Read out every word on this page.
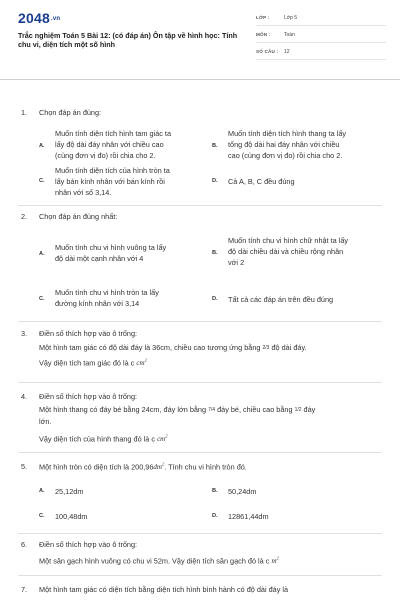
2048.vn
Trắc nghiệm Toán 5 Bài 12: (có đáp án) Ôn tập về hình học: Tính chu vi, diện tích một số hình
LỚP :	Lớp 5
MÔN :	Toán
SỐ CÂU : 12
1. Chọn đáp án đúng:
A.
Muốn tính diện tích hình tam giác ta
lấy độ dài đáy nhân với chiều cao
(cùng đơn vị đo) rồi chia cho 2.
B.
Muốn tính diện tích hình thang ta lấy
tổng độ dài hai đáy nhân với chiều
cao (cùng đơn vị đo) rồi chia cho 2.
C.
Muốn tính diện tích của hình tròn ta
lấy bán kính nhân với bán kính rồi
nhân với số 3,14.
D. Cả A, B, C đều đúng
2. Chọn đáp án đúng nhất:
A.
Muốn tính chu vi hình vuông ta lấy
độ dài một cạnh nhân với 4
B.
Muốn tính chu vi hình chữ nhật ta lấy
độ dài chiều dài và chiều rộng nhân
với 2
C.
Muốn tính chu vi hình tròn ta lấy
đường kính nhân với 3,14	D. Tất cả các đáp án trên đều đúng
3. Điền số thích hợp vào ô trống:
Một hình tam giác có độ dài đáy là 36cm, chiều cao tương ứng bằng 2/3 độ dài đáy.
Vậy diện tích tam giác đó là c $cm^2$
4. Điền số thích hợp vào ô trống:
Một hình thang có đáy bé bằng 24cm, đáy lớn bằng 7/4 đáy bé, chiều cao bằng 1/2 đáy
lớn.
Vậy diện tích của hình thang đó là c $cm^2$
5. Một hình tròn có diện tích là $200,96dm^2$. Tính chu vi hình tròn đó.
A. 25,12dm	B. 50,24dm
C. 100,48dm	D. 12861,44dm
6. Điền số thích hợp vào ô trống:
Một sân gạch hình vuông có chu vi 52m. Vậy diện tích sân gạch đó là c $m^2$
7. Một hình tam giác có diện tích bằng diện tích hình bình hành có độ dài đáy là
